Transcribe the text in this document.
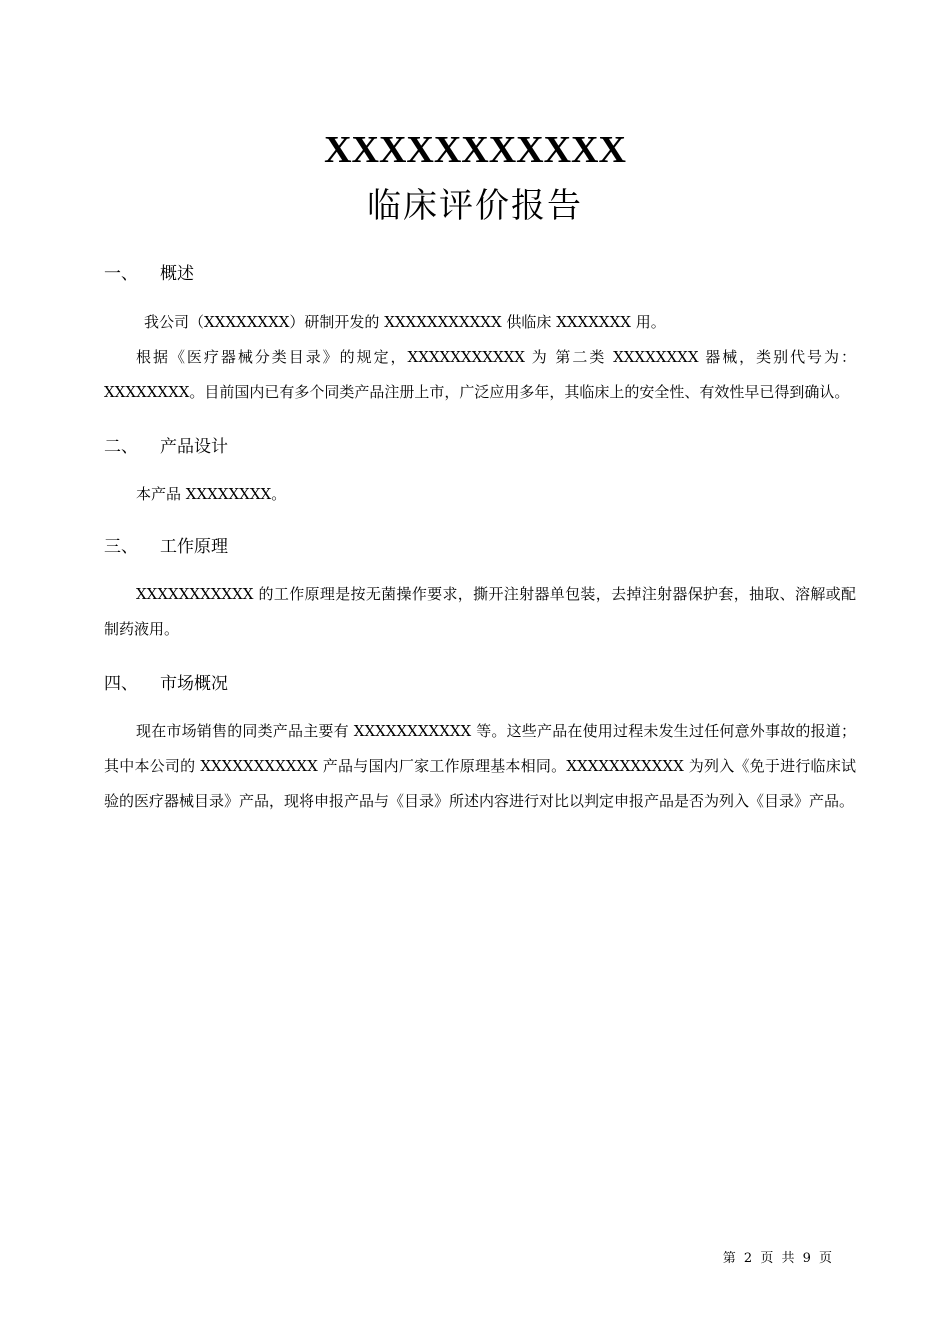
XXXXXXXXXXX
临床评价报告
一、 概述

我公司（XXXXXXXX）研制开发的 XXXXXXXXXXX 供临床 XXXXXXX 用。

根据《医疗器械分类目录》的规定，XXXXXXXXXXX 为 第二类 XXXXXXXX 器械，类别代号为：XXXXXXXX。目前国内已有多个同类产品注册上市，广泛应用多年，其临床上的安全性、有效性早已得到确认。

二、 产品设计

本产品 XXXXXXXX。

三、 工作原理

XXXXXXXXXXX 的工作原理是按无菌操作要求，撕开注射器单包装，去掉注射器保护套，抽取、溶解或配制药液用。

四、 市场概况

现在市场销售的同类产品主要有 XXXXXXXXXXX 等。这些产品在使用过程未发生过任何意外事故的报道；其中本公司的 XXXXXXXXXXX 产品与国内厂家工作原理基本相同。XXXXXXXXXXX 为列入《免于进行临床试验的医疗器械目录》产品，现将申报产品与《目录》所述内容进行对比以判定申报产品是否为列入《目录》产品。

第 2 页 共 9 页
